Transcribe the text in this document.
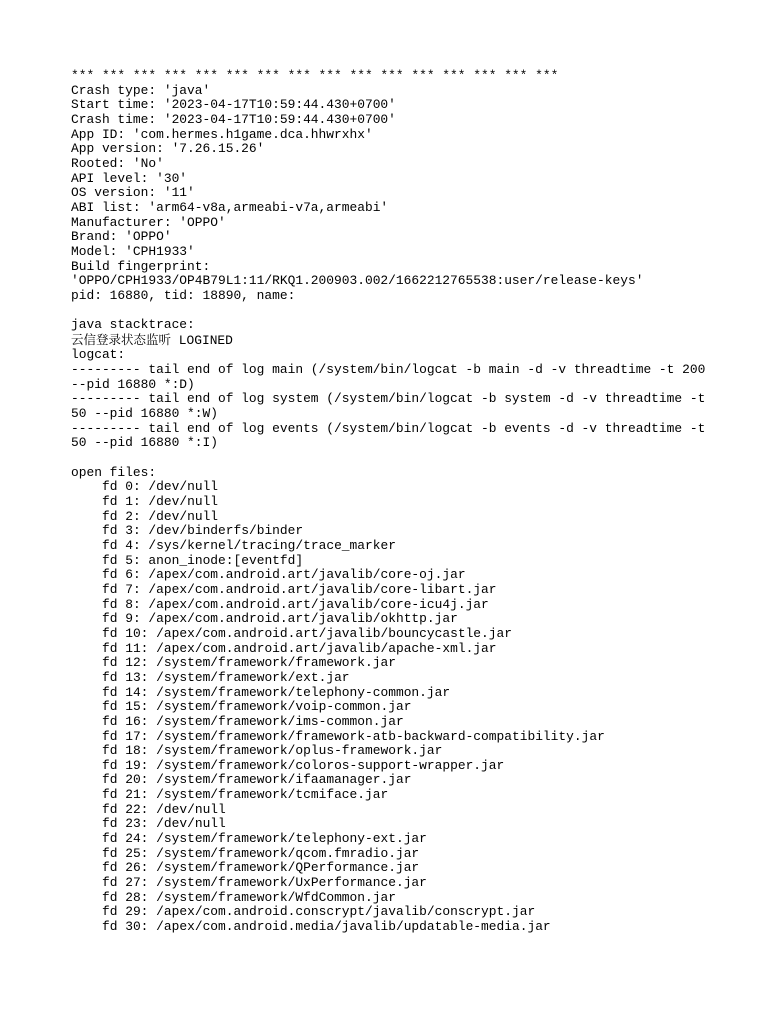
*** *** *** *** *** *** *** *** *** *** *** *** *** *** *** ***
Crash type: 'java'
Start time: '2023-04-17T10:59:44.430+0700'
Crash time: '2023-04-17T10:59:44.430+0700'
App ID: 'com.hermes.h1game.dca.hhwrxhx'
App version: '7.26.15.26'
Rooted: 'No'
API level: '30'
OS version: '11'
ABI list: 'arm64-v8a,armeabi-v7a,armeabi'
Manufacturer: 'OPPO'
Brand: 'OPPO'
Model: 'CPH1933'
Build fingerprint:
'OPPO/CPH1933/OP4B79L1:11/RKQ1.200903.002/1662212765538:user/release-keys'
pid: 16880, tid: 18890, name:
java stacktrace:
云信登录状态监听 LOGINED
logcat:
--------- tail end of log main (/system/bin/logcat -b main -d -v threadtime -t 200
--pid 16880 *:D)
--------- tail end of log system (/system/bin/logcat -b system -d -v threadtime -t
50 --pid 16880 *:W)
--------- tail end of log events (/system/bin/logcat -b events -d -v threadtime -t
50 --pid 16880 *:I)
open files:
fd 0: /dev/null
fd 1: /dev/null
fd 2: /dev/null
fd 3: /dev/binderfs/binder
fd 4: /sys/kernel/tracing/trace_marker
fd 5: anon_inode:[eventfd]
fd 6: /apex/com.android.art/javalib/core-oj.jar
fd 7: /apex/com.android.art/javalib/core-libart.jar
fd 8: /apex/com.android.art/javalib/core-icu4j.jar
fd 9: /apex/com.android.art/javalib/okhttp.jar
fd 10: /apex/com.android.art/javalib/bouncycastle.jar
fd 11: /apex/com.android.art/javalib/apache-xml.jar
fd 12: /system/framework/framework.jar
fd 13: /system/framework/ext.jar
fd 14: /system/framework/telephony-common.jar
fd 15: /system/framework/voip-common.jar
fd 16: /system/framework/ims-common.jar
fd 17: /system/framework/framework-atb-backward-compatibility.jar
fd 18: /system/framework/oplus-framework.jar
fd 19: /system/framework/coloros-support-wrapper.jar
fd 20: /system/framework/ifaamanager.jar
fd 21: /system/framework/tcmiface.jar
fd 22: /dev/null
fd 23: /dev/null
fd 24: /system/framework/telephony-ext.jar
fd 25: /system/framework/qcom.fmradio.jar
fd 26: /system/framework/QPerformance.jar
fd 27: /system/framework/UxPerformance.jar
fd 28: /system/framework/WfdCommon.jar
fd 29: /apex/com.android.conscrypt/javalib/conscrypt.jar
fd 30: /apex/com.android.media/javalib/updatable-media.jar
